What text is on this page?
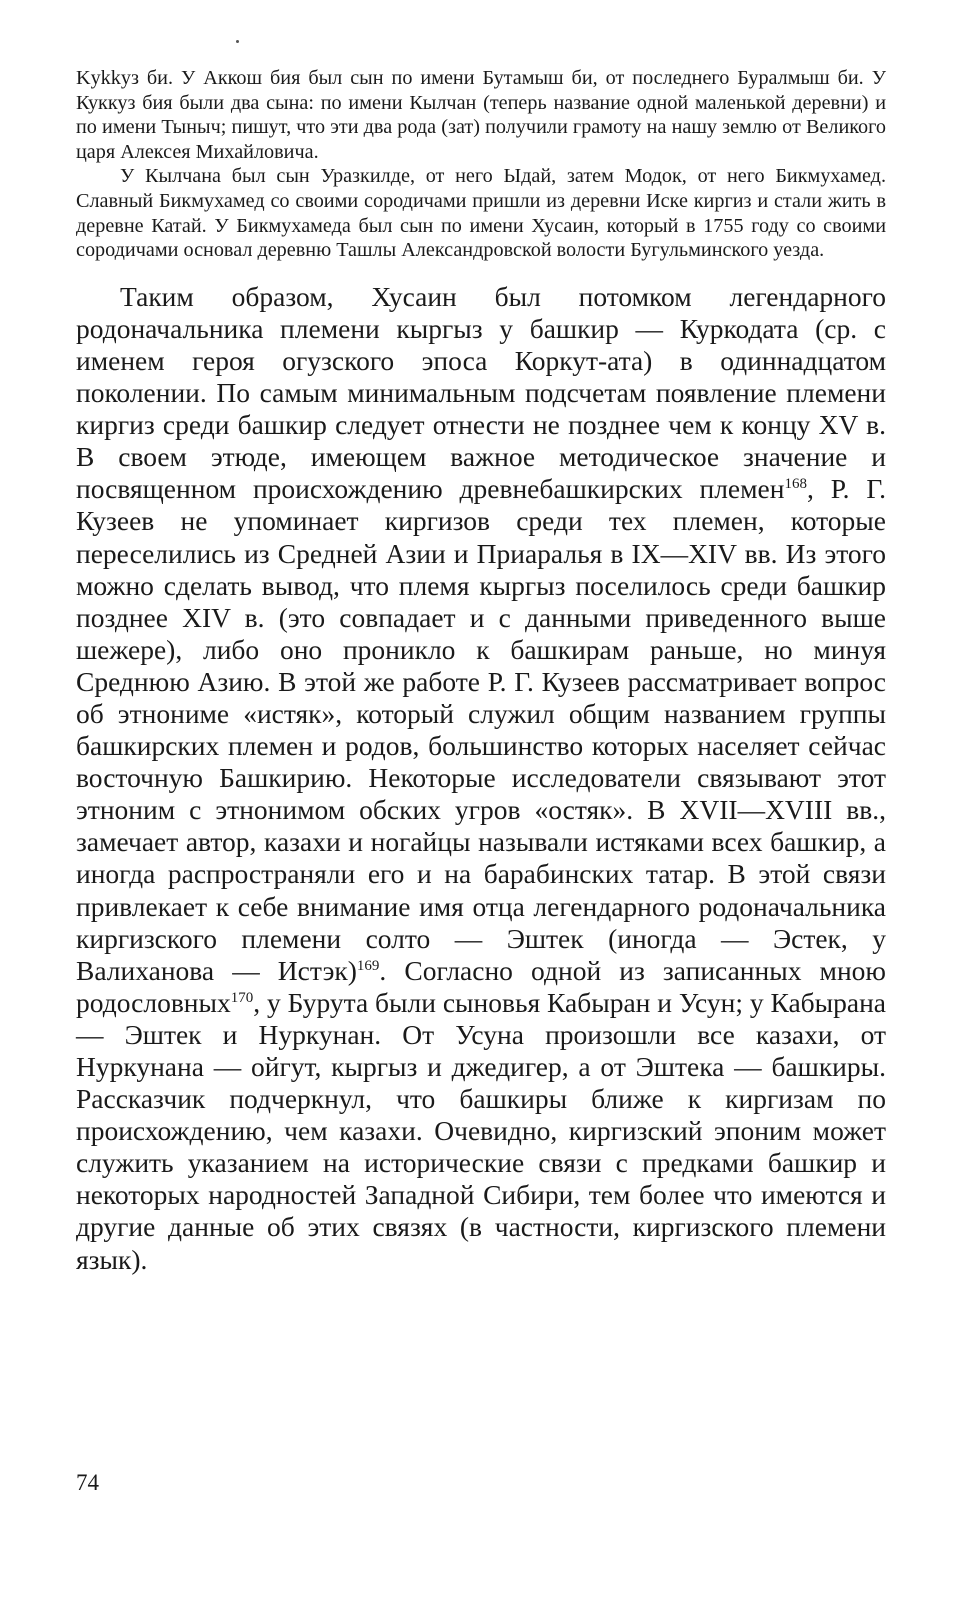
Kykkyз би. У Аккош бия был сын по имени Бутамыш би, от последнего Буралмыш би. У Куккуз бия были два сына: по имени Кылчан (теперь название одной маленькой деревни) и по имени Тыныч; пишут, что эти два рода (зат) получили грамоту на нашу землю от Великого царя Алексея Михайловича.

У Кылчана был сын Уразкилде, от него Ыдай, затем Модок, от него Бикмухамед. Славный Бикмухамед со своими сородичами пришли из деревни Иске киргиз и стали жить в деревне Катай. У Бикмухамеда был сын по имени Хусаин, который в 1755 году со своими сородичами основал деревню Ташлы Александровской волости Бугульминского уезда.

Таким образом, Хусаин был потомком легендарного родоначальника племени кыргыз у башкир — Куркодата (ср. с именем героя огузского эпоса Коркут-ата) в одиннадцатом поколении. По самым минимальным подсчетам появление племени киргиз среди башкир следует отнести не позднее чем к концу XV в. В своем этюде, имеющем важное методическое значение и посвященном происхождению древнебашкирских племен$^{168}$, Р. Г. Кузеев не упоминает киргизов среди тех племен, которые переселились из Средней Азии и Приаралья в IX—XIV вв. Из этого можно сделать вывод, что племя кыргыз поселилось среди башкир позднее XIV в. (это совпадает и с данными приведенного выше шежере), либо оно проникло к башкирам раньше, но минуя Среднюю Азию. В этой же работе Р. Г. Кузеев рассматривает вопрос об этнониме «истяк», который служил общим названием группы башкирских племен и родов, большинство которых населяет сейчас восточную Башкирию. Некоторые исследователи связывают этот этноним с этнонимом обских угров «остяк». В XVII—XVIII вв., замечает автор, казахи и ногайцы называли истяками всех башкир, а иногда распространяли его и на барабинских татар. В этой связи привлекает к себе внимание имя отца легендарного родоначальника киргизского племени солто — Эштек (иногда — Эстек, у Валиханова — Истэк)$^{169}$. Согласно одной из записанных мною родословных$^{170}$, у Бурута были сыновья Кабыран и Усун; у Кабырана — Эштек и Нуркунан. От Усуна произошли все казахи, от Нуркунана — ойгут, кыргыз и джедигер, а от Эштека — башкиры. Рассказчик подчеркнул, что башкиры ближе к киргизам по происхождению, чем казахи. Очевидно, киргизский эпоним может служить указанием на исторические связи с предками башкир и некоторых народностей Западной Сибири, тем более что имеются и другие данные об этих связях (в частности, киргизского племени язык).

74
